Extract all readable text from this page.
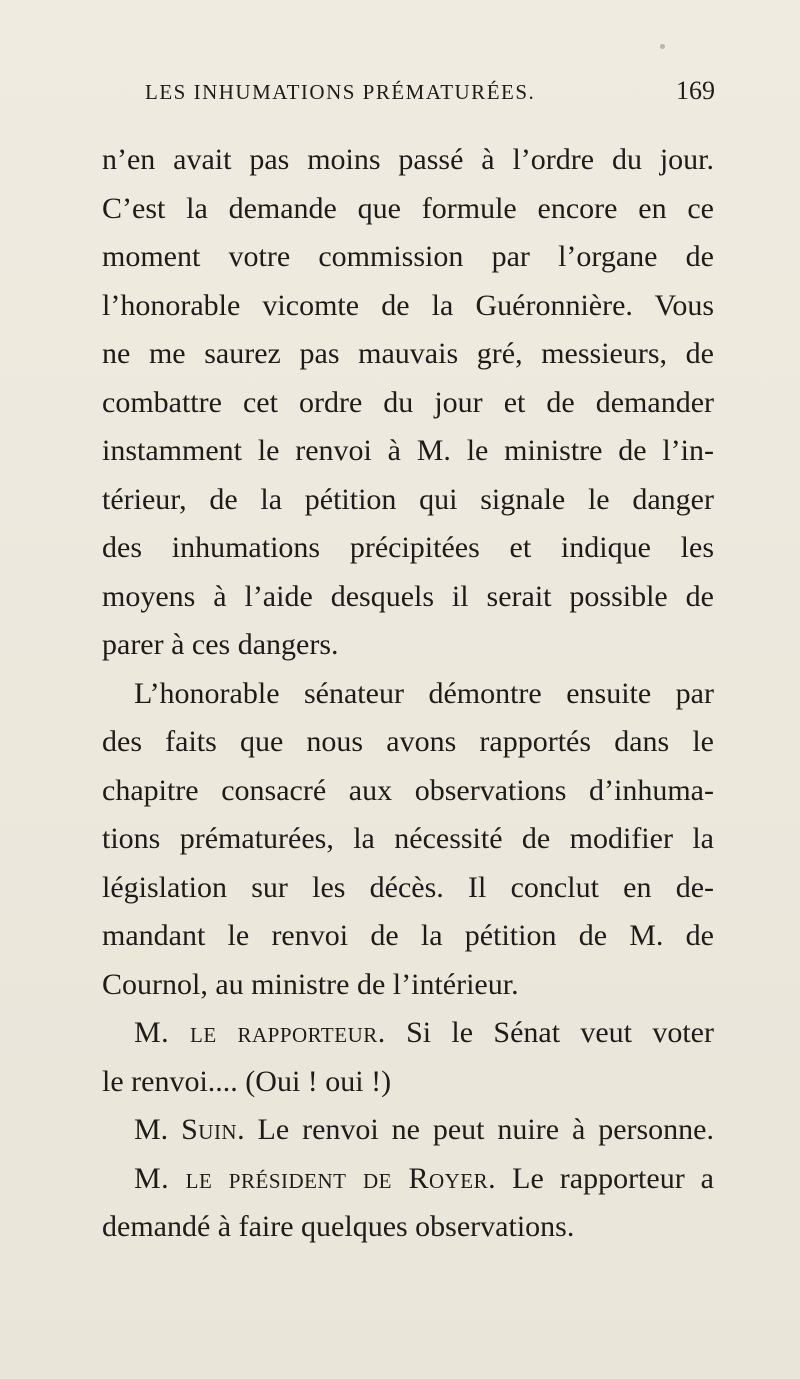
LES INHUMATIONS PRÉMATURÉES.	169
n’en avait pas moins passé à l’ordre du jour.
C’est la demande que formule encore en ce
moment votre commission par l’organe de
l’honorable vicomte de la Guéronnière. Vous
ne me saurez pas mauvais gré, messieurs, de
combattre cet ordre du jour et de demander
instamment le renvoi à M. le ministre de l’in-
térieur, de la pétition qui signale le danger
des inhumations précipitées et indique les
moyens à l’aide desquels il serait possible de
parer à ces dangers.
L’honorable sénateur démontre ensuite par
des faits que nous avons rapportés dans le
chapitre consacré aux observations d’inhuma-
tions prématurées, la nécessité de modifier la
législation sur les décès. Il conclut en de-
mandant le renvoi de la pétition de M. de
Cournol, au ministre de l’intérieur.
M. le rapporteur. Si le Sénat veut voter
le renvoi.... (Oui ! oui !)
M. Suin. Le renvoi ne peut nuire à personne.
M. le président de Royer. Le rapporteur a
demandé à faire quelques observations.
